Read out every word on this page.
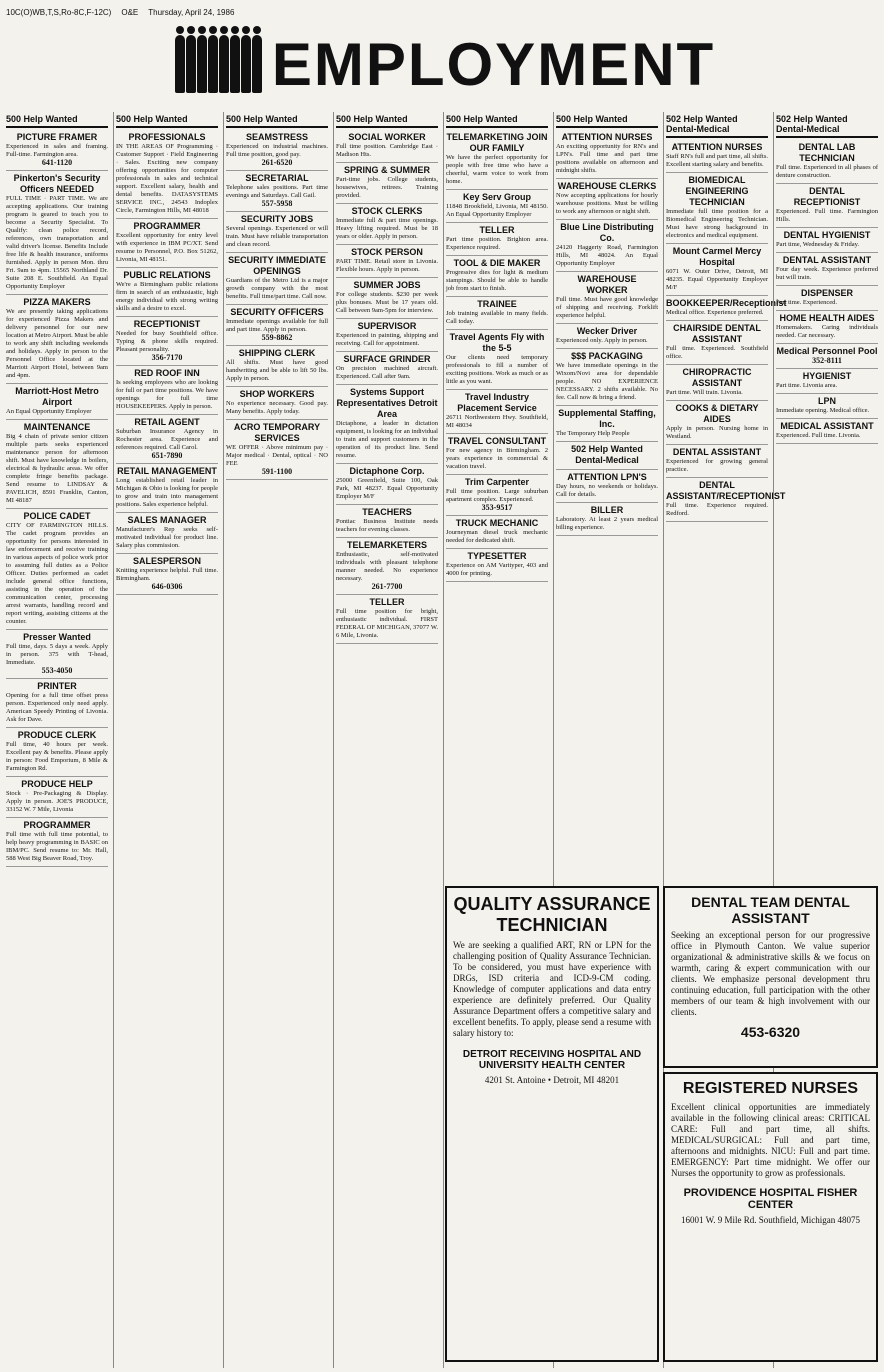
10C(O)WB,T,S,Ro-8C,F-12C) O&E Thursday, April 24, 1986
EMPLOYMENT
500 Help Wanted
PICTURE FRAMER
Experienced in sales and framing. Full-time. Farmington area.
641-1120
Pinkerton's Security Officers NEEDED
FULL TIME · PART TIME. We are accepting applications. Our training program is geared to teach you to become a Security Specialist. To Qualify: clean police record, references, own transportation and valid driver's license. Benefits Include free life & health insurance, uniforms furnished. Apply in person Mon. thru Fri. 9am to 4pm. 15565 Northland Dr. Suite 208 E. Southfield. An Equal Opportunity Employer
PIZZA MAKERS
We are presently taking applications for experienced Pizza Makers and delivery personnel for our new location at Metro Airport. Must be able to work any shift including weekends and holidays. Apply in person to the Personnel Office located at the Marriott Airport Hotel, between 9am and 4pm.
Marriott-Host Metro Airport
An Equal Opportunity Employer
MAINTENANCE
Big 4 chain of private senior citizen multiple parts seeks experienced maintenance person for afternoon shift. Must have knowledge in boilers, electrical & hydraulic areas. We offer complete fringe benefits package. Send resume to LINDSAY & PAVELICH, 8591 Franklin, Canton, MI 48187
POLICE CADET
CITY OF FARMINGTON HILLS. The cadet program provides an opportunity for persons interested in law enforcement and receive training in various aspects of police work prior to assuming full duties as a Police Officer. Duties performed as cadet include general office functions, assisting in the operation of the communication center, processing arrest warrants, handling record and report writing, assisting citizens at the counter.
Presser Wanted
Full time, days. 5 days a week. Apply in person. 375 with T-head, Immediate.
553-4050
PRINTER
Opening for a full time offset press person. Experienced only need apply. American Speedy Printing of Livonia. Ask for Dave.
PRODUCE CLERK
Full time, 40 hours per week. Excellent pay & benefits. Please apply in person: Food Emporium, 8 Mile & Farmington Rd.
PRODUCE HELP
Stock · Pre-Packaging & Display. Apply in person. JOE'S PRODUCE, 33152 W. 7 Mile, Livonia
PROGRAMMER
Full time with full time potential, to help heavy programming in BASIC on IBM/PC. Send resume to: Mr. Hall, 588 West Big Beaver Road, Troy.
500 Help Wanted
PROFESSIONALS
IN THE AREAS OF Programming · Customer Support · Field Engineering · Sales. Exciting new company offering opportunities for computer professionals in sales and technical support. Excellent salary, health and dental benefits. DATASYSTEMS SERVICE INC., 24543 Indoplex Circle, Farmington Hills, MI 48018
PROGRAMMER
Excellent opportunity for entry level with experience in IBM PC/XT. Send resume to Personnel, P.O. Box 51262, Livonia, MI 48151.
PUBLIC RELATIONS
We're a Birmingham public relations firm in search of an enthusiastic, high energy individual with strong writing skills and a desire to excel.
RECEPTIONIST
Needed for busy Southfield office. Typing & phone skills required. Pleasant personality.
356-7170
RED ROOF INN
Is seeking employees who are looking for full or part time positions. We have openings for full time HOUSEKEEPERS. Apply in person.
RETAIL AGENT
Suburban Insurance Agency in Rochester area. Experience and references required. Call Carol.
651-7890
RETAIL MANAGEMENT
Long established retail leader in Michigan & Ohio is looking for people to grow and train into management positions. Sales experience helpful.
SALES MANAGER
Manufacturer's Rep seeks self-motivated individual for product line. Salary plus commission.
SALESPERSON
Knitting experience helpful. Full time. Birmingham.
646-0306
500 Help Wanted
SEAMSTRESS
Experienced on industrial machines. Full time position, good pay.
261-6520
SECRETARIAL
Telephone sales positions. Part time evenings and Saturdays. Call Gail.
557-5958
SECURITY JOBS
Several openings. Experienced or will train. Must have reliable transportation and clean record.
SECURITY IMMEDIATE OPENINGS
Guardians of the Metro Ltd is a major growth company with the most benefits. Full time/part time. Call now.
SECURITY OFFICERS
Immediate openings available for full and part time. Apply in person.
559-8862
SHIPPING CLERK
All shifts. Must have good handwriting and be able to lift 50 lbs. Apply in person.
SHOP WORKERS
No experience necessary. Good pay. Many benefits. Apply today.
ACRO TEMPORARY SERVICES
WE OFFER · Above minimum pay · Major medical · Dental, optical · NO FEE
591-1100
500 Help Wanted
SOCIAL WORKER
Full time position. Cambridge East · Madison Hts.
SPRING & SUMMER
Part-time jobs. College students, housewives, retirees. Training provided.
STOCK CLERKS
Immediate full & part time openings. Heavy lifting required. Must be 18 years or older. Apply in person.
STOCK PERSON
PART TIME. Retail store in Livonia. Flexible hours. Apply in person.
SUMMER JOBS
For college students. $230 per week plus bonuses. Must be 17 years old. Call between 9am-5pm for interview.
SUPERVISOR
Experienced in painting, shipping and receiving. Call for appointment.
SURFACE GRINDER
On precision machined aircraft. Experienced. Call after 9am.
Systems Support Representatives Detroit Area
Dictaphone, a leader in dictation equipment, is looking for an individual to train and support customers in the operation of its product line. Send resume.
Dictaphone Corp.
25000 Greenfield, Suite 100, Oak Park, MI 48237. Equal Opportunity Employer M/F
TEACHERS
Pontiac Business Institute needs teachers for evening classes.
TELEMARKETERS
Enthusiastic, self-motivated individuals with pleasant telephone manner needed. No experience necessary.
261-7700
TELLER
Full time position for bright, enthusiastic individual. FIRST FEDERAL OF MICHIGAN, 37077 W. 6 Mile, Livonia.
500 Help Wanted
TELEMARKETING JOIN OUR FAMILY
We have the perfect opportunity for people with free time who have a cheerful, warm voice to work from home.
Key Serv Group
11848 Brookfield, Livonia, MI 48150. An Equal Opportunity Employer
TELLER
Part time position. Brighton area. Experience required.
TOOL & DIE MAKER
Progressive dies for light & medium stampings. Should be able to handle job from start to finish.
TRAINEE
Job training available in many fields. Call today.
Travel Agents Fly with the 5-5
Our clients need temporary professionals to fill a number of exciting positions. Work as much or as little as you want.
Travel Industry Placement Service
26711 Northwestern Hwy. Southfield, MI 48034
TRAVEL CONSULTANT
For new agency in Birmingham. 2 years experience in commercial & vacation travel.
Trim Carpenter
Full time position. Large suburban apartment complex. Experienced.
353-9517
TRUCK MECHANIC
Journeyman diesel truck mechanic needed for dedicated shift.
TYPESETTER
Experience on AM Varityper, 403 and 4000 for printing.
500 Help Wanted
ATTENTION NURSES
An exciting opportunity for RN's and LPN's. Full time and part time positions available on afternoon and midnight shifts.
WAREHOUSE CLERKS
Now accepting applications for hourly warehouse positions. Must be willing to work any afternoon or night shift.
Blue Line Distributing Co.
24120 Haggerty Road, Farmington Hills, MI 48024. An Equal Opportunity Employer
WAREHOUSE WORKER
Full time. Must have good knowledge of shipping and receiving. Forklift experience helpful.
Wecker Driver
Experienced only. Apply in person.
$$$ PACKAGING
We have immediate openings in the Wixom/Novi area for dependable people. NO EXPERIENCE NECESSARY. 2 shifts available. No fee. Call now & bring a friend.
Supplemental Staffing, Inc.
The Temporary Help People
502 Help Wanted Dental-Medical
ATTENTION LPN'S
Day hours, no weekends or holidays. Call for details.
BILLER
Laboratory. At least 2 years medical billing experience.
502 Help Wanted Dental-Medical
ATTENTION NURSES
Staff RN's full and part time, all shifts. Excellent starting salary and benefits.
BIOMEDICAL ENGINEERING TECHNICIAN
Immediate full time position for a Biomedical Engineering Technician. Must have strong background in electronics and medical equipment.
Mount Carmel Mercy Hospital
6071 W. Outer Drive, Detroit, MI 48235. Equal Opportunity Employer M/F
BOOKKEEPER/Receptionist
Medical office. Experience preferred.
CHAIRSIDE DENTAL ASSISTANT
Full time. Experienced. Southfield office.
CHIROPRACTIC ASSISTANT
Part time. Will train. Livonia.
COOKS & DIETARY AIDES
Apply in person. Nursing home in Westland.
DENTAL ASSISTANT
Experienced for growing general practice.
DENTAL ASSISTANT/RECEPTIONIST
Full time. Experience required. Redford.
502 Help Wanted Dental-Medical
DENTAL LAB TECHNICIAN
Full time. Experienced in all phases of denture construction.
DENTAL RECEPTIONIST
Experienced. Full time. Farmington Hills.
DENTAL HYGIENIST
Part time, Wednesday & Friday.
DENTAL ASSISTANT
Four day week. Experience preferred but will train.
DISPENSER
Part time. Experienced.
HOME HEALTH AIDES
Homemakers. Caring individuals needed. Car necessary.
Medical Personnel Pool
352-8111
HYGIENIST
Part time. Livonia area.
LPN
Immediate opening. Medical office.
MEDICAL ASSISTANT
Experienced. Full time. Livonia.
QUALITY ASSURANCE TECHNICIAN
We are seeking a qualified ART, RN or LPN for the challenging position of Quality Assurance Technician. To be considered, you must have experience with DRGs, ISD criteria and ICD-9-CM coding. Knowledge of computer applications and data entry experience are definitely preferred. Our Quality Assurance Department offers a competitive salary and excellent benefits. To apply, please send a resume with salary history to:
DETROIT RECEIVING HOSPITAL AND UNIVERSITY HEALTH CENTER
4201 St. Antoine • Detroit, MI 48201
DENTAL TEAM DENTAL ASSISTANT
Seeking an exceptional person for our progressive office in Plymouth Canton. We value superior organizational & administrative skills & we focus on warmth, caring & expert communication with our clients. We emphasize personal development thru continuing education, full participation with the other members of our team & high involvement with our clients.
453-6320
REGISTERED NURSES
Excellent clinical opportunities are immediately available in the following clinical areas: CRITICAL CARE: Full and part time, all shifts. MEDICAL/SURGICAL: Full and part time, afternoons and midnights. NICU: Full and part time. EMERGENCY: Part time midnight. We offer our Nurses the opportunity to grow as professionals.
PROVIDENCE HOSPITAL FISHER CENTER
16001 W. 9 Mile Rd. Southfield, Michigan 48075
